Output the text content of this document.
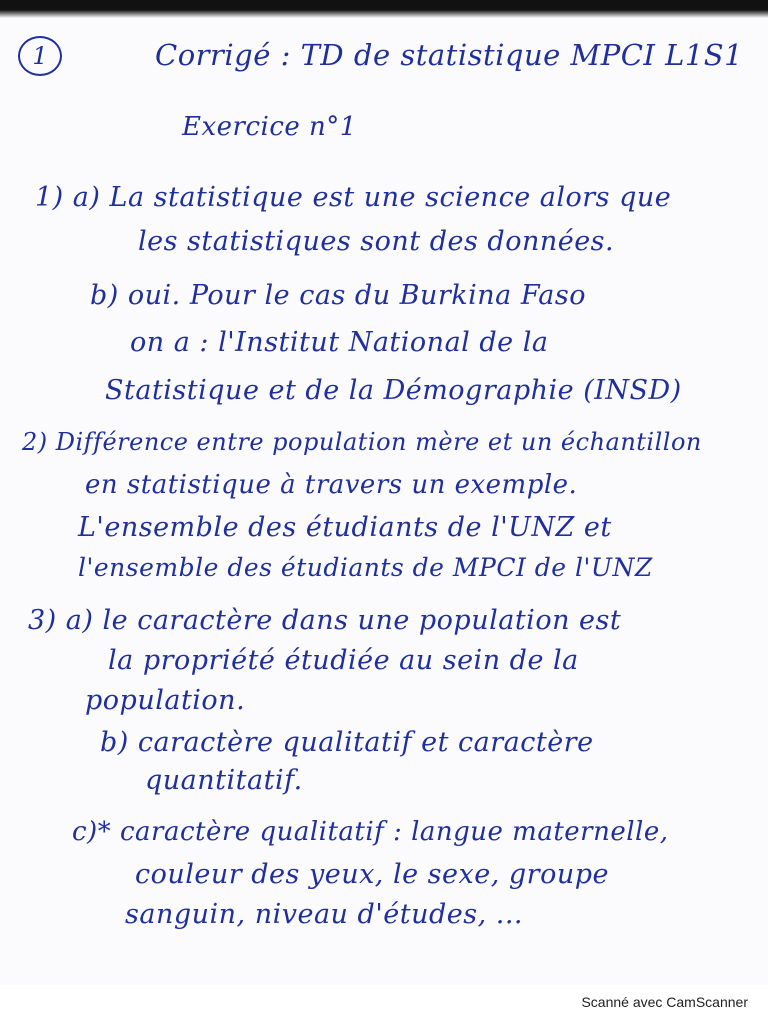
1	Corrigé : TD de statistique MPCI L1S1
Exercice n°1
1) a) La statistique est une science alors que
les statistiques sont des données.
b) oui. Pour le cas du Burkina Faso
on a : l'Institut National de la
Statistique et de la Démographie (INSD)
2) Différence entre population mère et un échantillon
en statistique à travers un exemple.
L'ensemble des étudiants de l'UNZ et
l'ensemble des étudiants de MPCI de l'UNZ
3) a) le caractère dans une population est
la propriété étudiée au sein de la
population.
b) caractère qualitatif et caractère
quantitatif.
c)* caractère qualitatif : langue maternelle,
couleur des yeux, le sexe, groupe
sanguin, niveau d'études, ...
Scanné avec CamScanner
